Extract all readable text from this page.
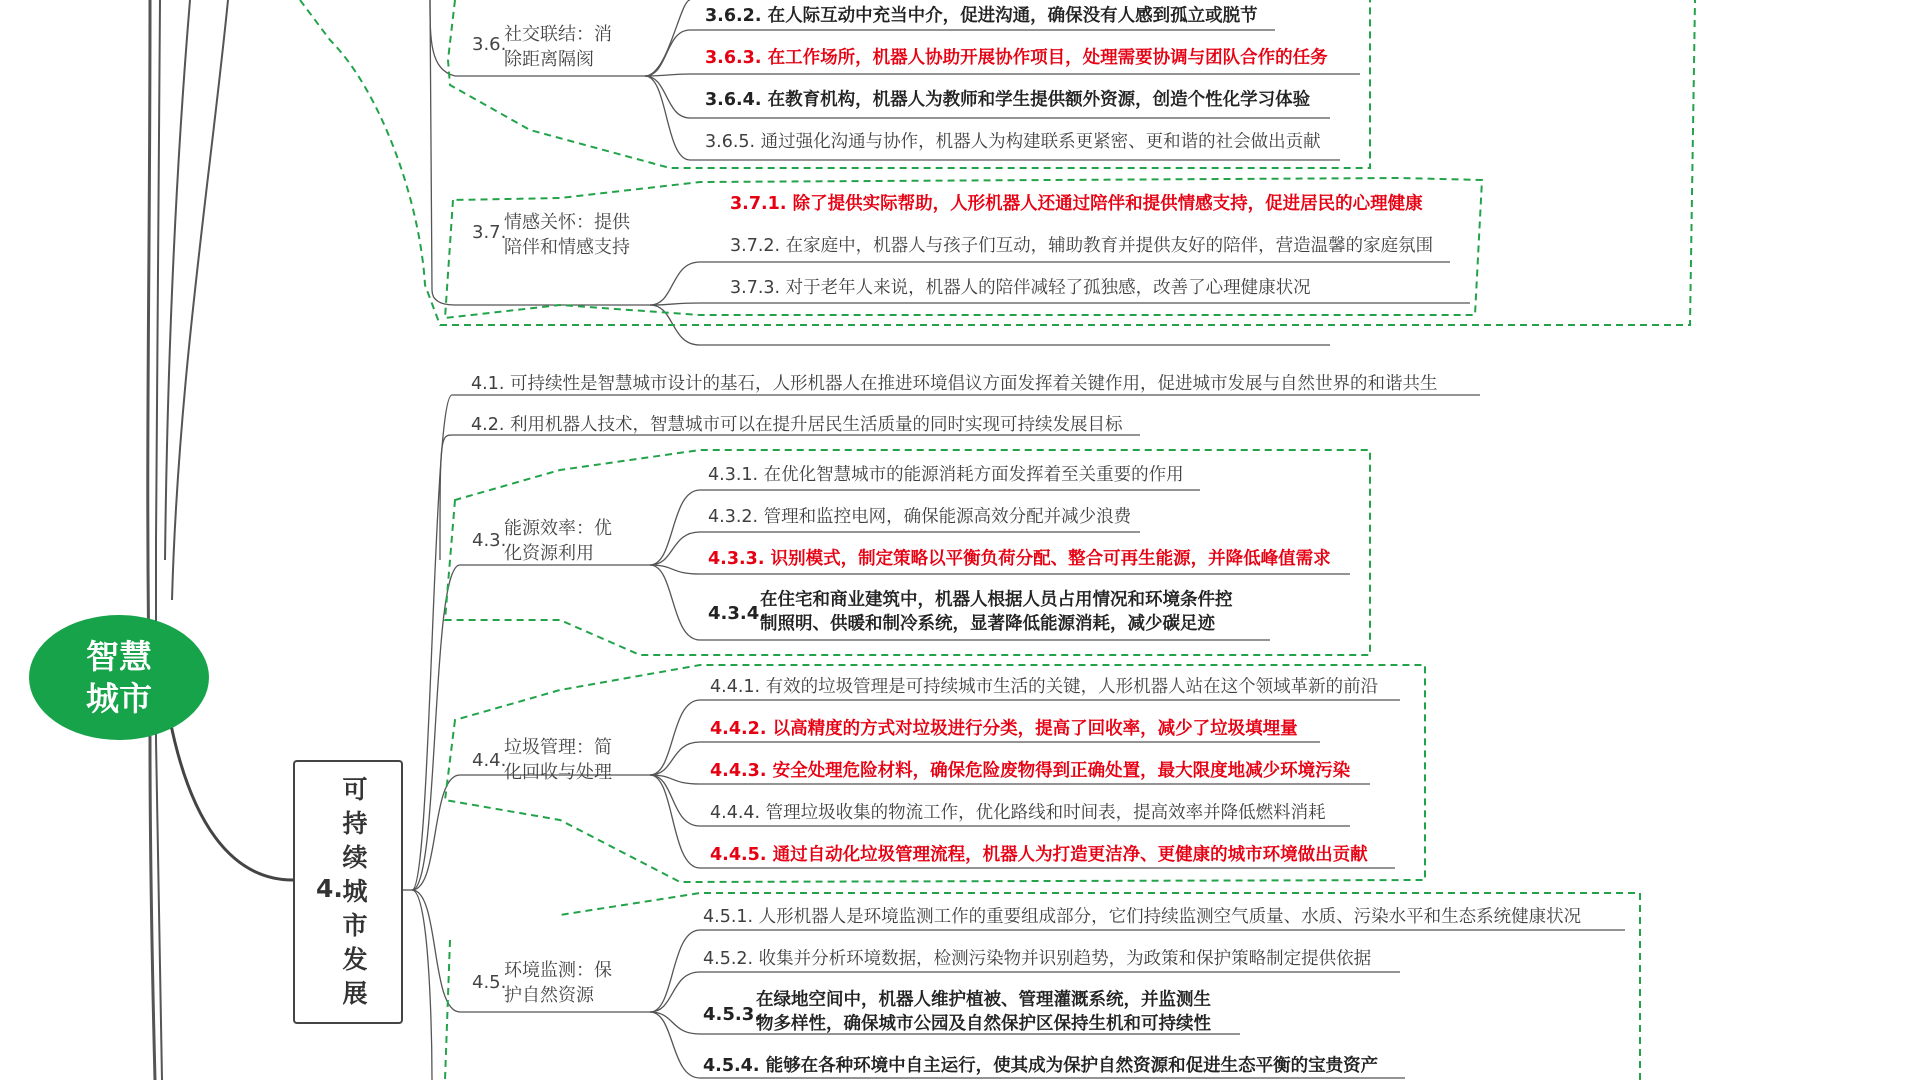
智慧
城市
4.
可持续城市发展
3.6.
社交联结：消
除距离隔阂
3.6.2. 在人际互动中充当中介，促进沟通，确保没有人感到孤立或脱节
3.6.3. 在工作场所，机器人协助开展协作项目，处理需要协调与团队合作的任务
3.6.4. 在教育机构，机器人为教师和学生提供额外资源，创造个性化学习体验
3.6.5. 通过强化沟通与协作，机器人为构建联系更紧密、更和谐的社会做出贡献
3.7.
情感关怀：提供
陪伴和情感支持
3.7.1. 除了提供实际帮助，人形机器人还通过陪伴和提供情感支持，促进居民的心理健康
3.7.2. 在家庭中，机器人与孩子们互动，辅助教育并提供友好的陪伴，营造温馨的家庭氛围
3.7.3. 对于老年人来说，机器人的陪伴减轻了孤独感，改善了心理健康状况
4.1. 可持续性是智慧城市设计的基石，人形机器人在推进环境倡议方面发挥着关键作用，促进城市发展与自然世界的和谐共生
4.2. 利用机器人技术，智慧城市可以在提升居民生活质量的同时实现可持续发展目标
4.3.
能源效率：优
化资源利用
4.3.1. 在优化智慧城市的能源消耗方面发挥着至关重要的作用
4.3.2. 管理和监控电网，确保能源高效分配并减少浪费
4.3.3. 识别模式，制定策略以平衡负荷分配、整合可再生能源，并降低峰值需求
4.3.4.
在住宅和商业建筑中，机器人根据人员占用情况和环境条件控
制照明、供暖和制冷系统，显著降低能源消耗，减少碳足迹
4.4.
垃圾管理：简
化回收与处理
4.4.1. 有效的垃圾管理是可持续城市生活的关键，人形机器人站在这个领域革新的前沿
4.4.2. 以高精度的方式对垃圾进行分类，提高了回收率，减少了垃圾填埋量
4.4.3. 安全处理危险材料，确保危险废物得到正确处置，最大限度地减少环境污染
4.4.4. 管理垃圾收集的物流工作，优化路线和时间表，提高效率并降低燃料消耗
4.4.5. 通过自动化垃圾管理流程，机器人为打造更洁净、更健康的城市环境做出贡献
4.5.
环境监测：保
护自然资源
4.5.1. 人形机器人是环境监测工作的重要组成部分，它们持续监测空气质量、水质、污染水平和生态系统健康状况
4.5.2. 收集并分析环境数据，检测污染物并识别趋势，为政策和保护策略制定提供依据
4.5.3.
在绿地空间中，机器人维护植被、管理灌溉系统，并监测生
物多样性，确保城市公园及自然保护区保持生机和可持续性
4.5.4. 能够在各种环境中自主运行，使其成为保护自然资源和促进生态平衡的宝贵资产
